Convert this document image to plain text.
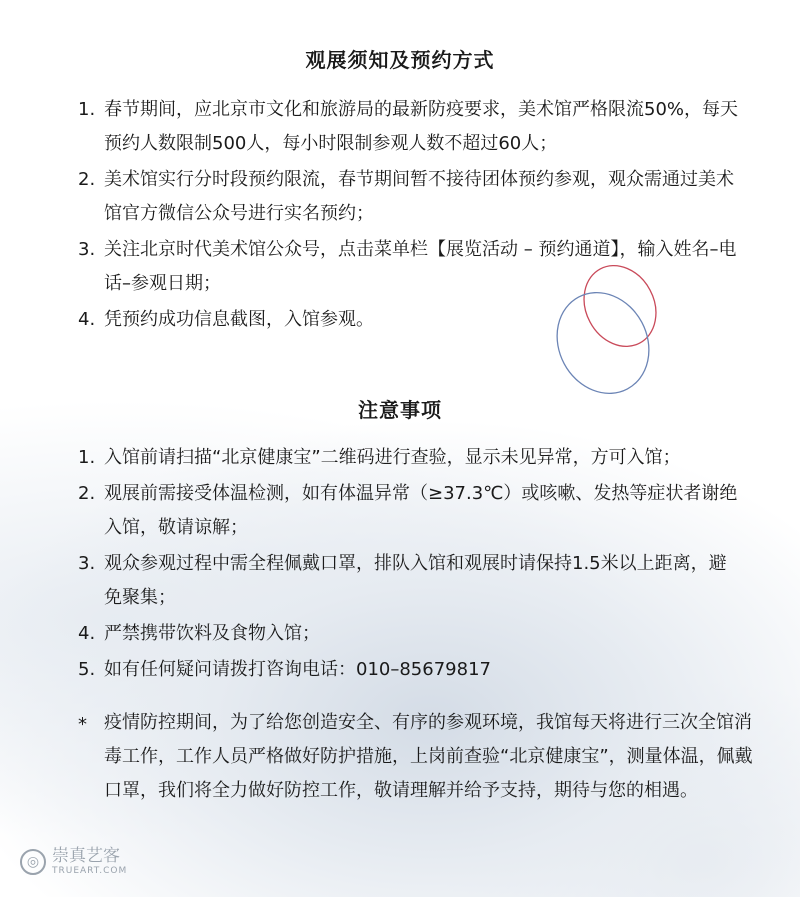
观展须知及预约方式
1. 春节期间，应北京市文化和旅游局的最新防疫要求，美术馆严格限流50%，每天预约人数限制500人，每小时限制参观人数不超过60人；
2. 美术馆实行分时段预约限流，春节期间暂不接待团体预约参观，观众需通过美术馆官方微信公众号进行实名预约；
3. 关注北京时代美术馆公众号，点击菜单栏【展览活动 – 预约通道】，输入姓名–电话–参观日期；
4. 凭预约成功信息截图，入馆参观。
注意事项
1. 入馆前请扫描“北京健康宝”二维码进行查验，显示未见异常，方可入馆；
2. 观展前需接受体温检测，如有体温异常（≥37.3℃）或咳嗽、发热等症状者谢绝入馆，敬请谅解；
3. 观众参观过程中需全程佩戴口罩，排队入馆和观展时请保持1.5米以上距离，避免聚集；
4. 严禁携带饮料及食物入馆；
5. 如有任何疑问请拨打咨询电话：010–85679817
* 疫情防控期间，为了给您创造安全、有序的参观环境，我馆每天将进行三次全馆消毒工作，工作人员严格做好防护措施，上岗前查验“北京健康宝”，测量体温，佩戴口罩，我们将全力做好防控工作，敬请理解并给予支持，期待与您的相遇。
◎ 崇真艺客
TRUEART.COM
